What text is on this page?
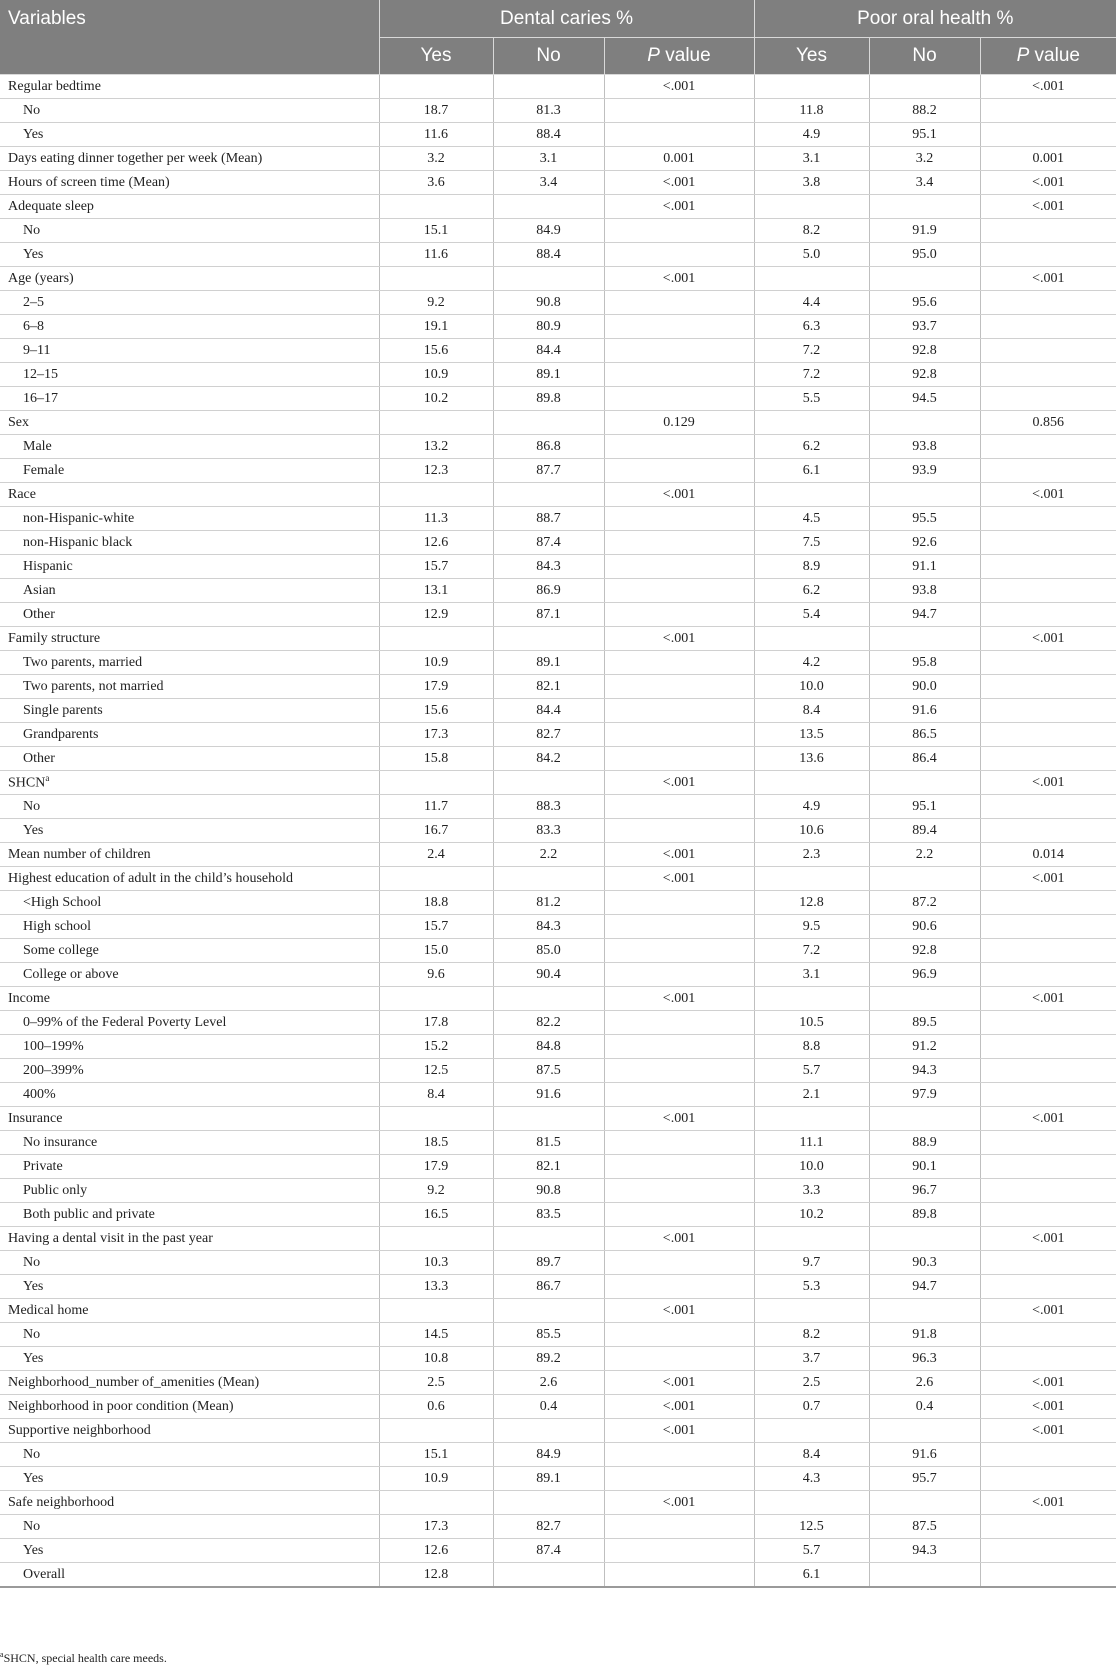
Variables	Dental caries %			Poor oral health %		
	Yes	No	P value	Yes	No	P value
Regular bedtime			<.001			<.001
No	18.7	81.3		11.8	88.2	
Yes	11.6	88.4		4.9	95.1	
Days eating dinner together per week (Mean)	3.2	3.1	0.001	3.1	3.2	0.001
Hours of screen time (Mean)	3.6	3.4	<.001	3.8	3.4	<.001
Adequate sleep			<.001			<.001
No	15.1	84.9		8.2	91.9	
Yes	11.6	88.4		5.0	95.0	
Age (years)			<.001			<.001
2–5	9.2	90.8		4.4	95.6	
6–8	19.1	80.9		6.3	93.7	
9–11	15.6	84.4		7.2	92.8	
12–15	10.9	89.1		7.2	92.8	
16–17	10.2	89.8		5.5	94.5	
Sex			0.129			0.856
Male	13.2	86.8		6.2	93.8	
Female	12.3	87.7		6.1	93.9	
Race			<.001			<.001
non-Hispanic-white	11.3	88.7		4.5	95.5	
non-Hispanic black	12.6	87.4		7.5	92.6	
Hispanic	15.7	84.3		8.9	91.1	
Asian	13.1	86.9		6.2	93.8	
Other	12.9	87.1		5.4	94.7	
Family structure			<.001			<.001
Two parents, married	10.9	89.1		4.2	95.8	
Two parents, not married	17.9	82.1		10.0	90.0	
Single parents	15.6	84.4		8.4	91.6	
Grandparents	17.3	82.7		13.5	86.5	
Other	15.8	84.2		13.6	86.4	
SHCN$^a$			<.001			<.001
No	11.7	88.3		4.9	95.1	
Yes	16.7	83.3		10.6	89.4	
Mean number of children	2.4	2.2	<.001	2.3	2.2	0.014
Highest education of adult in the child’s household			<.001			<.001
<High School	18.8	81.2		12.8	87.2	
High school	15.7	84.3		9.5	90.6	
Some college	15.0	85.0		7.2	92.8	
College or above	9.6	90.4		3.1	96.9	
Income			<.001			<.001
0–99% of the Federal Poverty Level	17.8	82.2		10.5	89.5	
100–199%	15.2	84.8		8.8	91.2	
200–399%	12.5	87.5		5.7	94.3	
400%	8.4	91.6		2.1	97.9	
Insurance			<.001			<.001
No insurance	18.5	81.5		11.1	88.9	
Private	17.9	82.1		10.0	90.1	
Public only	9.2	90.8		3.3	96.7	
Both public and private	16.5	83.5		10.2	89.8	
Having a dental visit in the past year			<.001			<.001
No	10.3	89.7		9.7	90.3	
Yes	13.3	86.7		5.3	94.7	
Medical home			<.001			<.001
No	14.5	85.5		8.2	91.8	
Yes	10.8	89.2		3.7	96.3	
Neighborhood_number of_amenities (Mean)	2.5	2.6	<.001	2.5	2.6	<.001
Neighborhood in poor condition (Mean)	0.6	0.4	<.001	0.7	0.4	<.001
Supportive neighborhood			<.001			<.001
No	15.1	84.9		8.4	91.6	
Yes	10.9	89.1		4.3	95.7	
Safe neighborhood			<.001			<.001
No	17.3	82.7		12.5	87.5	
Yes	12.6	87.4		5.7	94.3	
Overall	12.8			6.1		
$^a$SHCN, special health care meeds.
